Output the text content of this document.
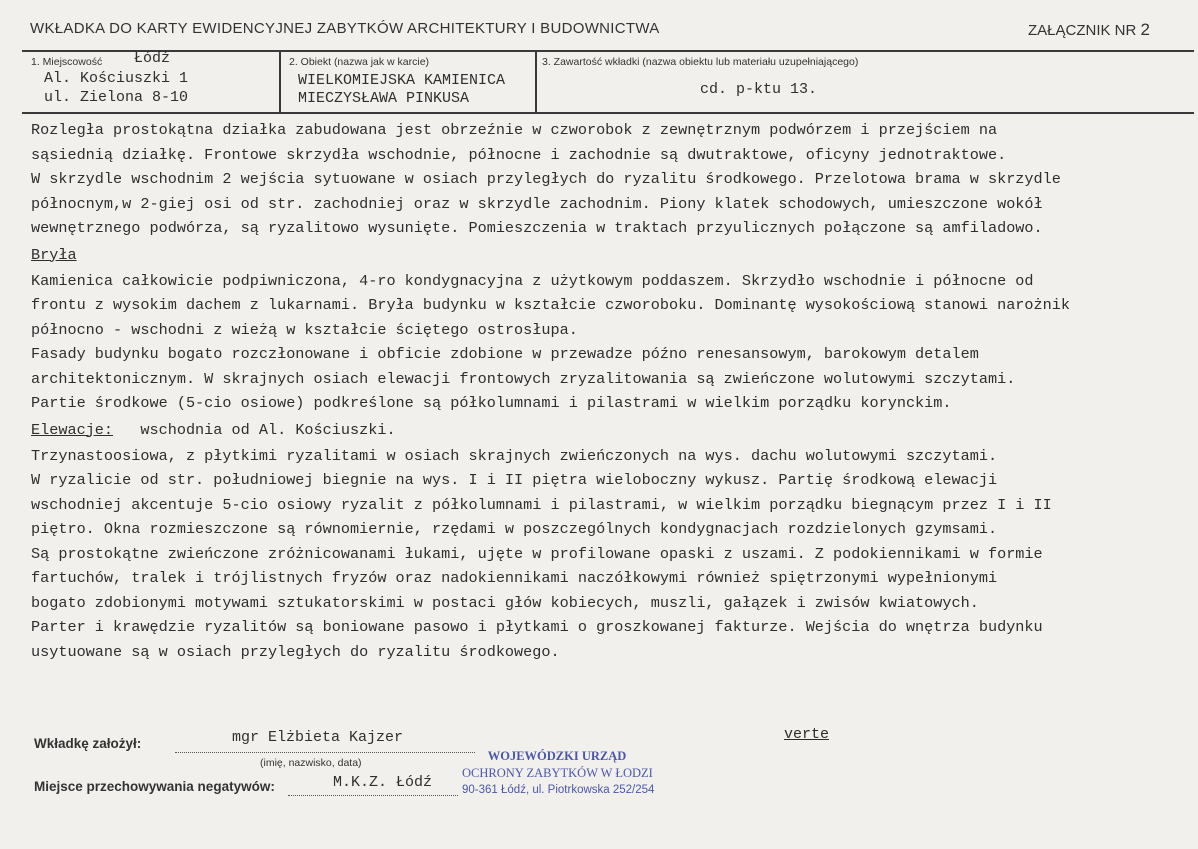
WKŁADKA DO KARTY EWIDENCYJNEJ ZABYTKÓW ARCHITEKTURY I BUDOWNICTWA	ZAŁĄCZNIK NR 2
1. Miejscowość Łódź
Al. Kościuszki 1
ul. Zielona 8-10
2. Obiekt (nazwa jak w karcie)
WIELKOMIEJSKA KAMIENICA
MIECZYSŁAWA PINKUSA
3. Zawartość wkładki (nazwa obiektu lub materiału uzupełniającego)
cd. p-ktu 13.
Rozległa prostokątna działka zabudowana jest obrzeźnie w czworobok z zewnętrznym podwórzem i przejściem na
sąsiednią działkę. Frontowe skrzydła wschodnie, północne i zachodnie są dwutraktowe, oficyny jednotraktowe.
W skrzydle wschodnim 2 wejścia sytuowane w osiach przyległych do ryzalitu środkowego. Przelotowa brama w skrzydle
północnym,w 2-giej osi od str. zachodniej oraz w skrzydle zachodnim. Piony klatek schodowych, umieszczone wokół
wewnętrznego podwórza, są ryzalitowo wysunięte. Pomieszczenia w traktach przyulicznych połączone są amfiladowo.
Bryła
Kamienica całkowicie podpiwniczona, 4-ro kondygnacyjna z użytkowym poddaszem. Skrzydło wschodnie i północne od
frontu z wysokim dachem z lukarnami. Bryła budynku w kształcie czworoboku. Dominantę wysokościową stanowi narożnik
północno - wschodni z wieżą w kształcie ściętego ostrosłupa.
Fasady budynku bogato rozczłonowane i obficie zdobione w przewadze późno renesansowym, barokowym detalem
architektonicznym. W skrajnych osiach elewacji frontowych zryzalitowania są zwieńczone wolutowymi szczytami.
Partie środkowe (5-cio osiowe) podkreślone są półkolumnami i pilastrami w wielkim porządku korynckim.
Elewacje: wschodnia od Al. Kościuszki.
Trzynastoosiowa, z płytkimi ryzalitami w osiach skrajnych zwieńczonych na wys. dachu wolutowymi szczytami.
W ryzalicie od str. południowej biegnie na wys. I i II piętra wieloboczny wykusz. Partię środkową elewacji
wschodniej akcentuje 5-cio osiowy ryzalit z półkolumnami i pilastrami, w wielkim porządku biegnącym przez I i II
piętro. Okna rozmieszczone są równomiernie, rzędami w poszczególnych kondygnacjach rozdzielonych gzymsami.
Są prostokątne zwieńczone zróżnicowanami łukami, ujęte w profilowane opaski z uszami. Z podokiennikami w formie
fartuchów, tralek i trójlistnych fryzów oraz nadokiennikami naczółkowymi również spiętrzonymi wypełnionymi
bogato zdobionymi motywami sztukatorskimi w postaci głów kobiecych, muszli, gałązek i zwisów kwiatowych.
Parter i krawędzie ryzalitów są boniowane pasowo i płytkami o groszkowanej fakturze. Wejścia do wnętrza budynku
usytuowane są w osiach przyległych do ryzalitu środkowego.
Wkładkę założył:	mgr Elżbieta Kajzer
(imię, nazwisko, data)
Miejsce przechowywania negatywów:	M.K.Z. Łódź
WOJEWÓDZKI URZĄD
OCHRONY ZABYTKÓW W ŁODZI
90-361 Łódź, ul. Piotrkowska 252/254
verte
